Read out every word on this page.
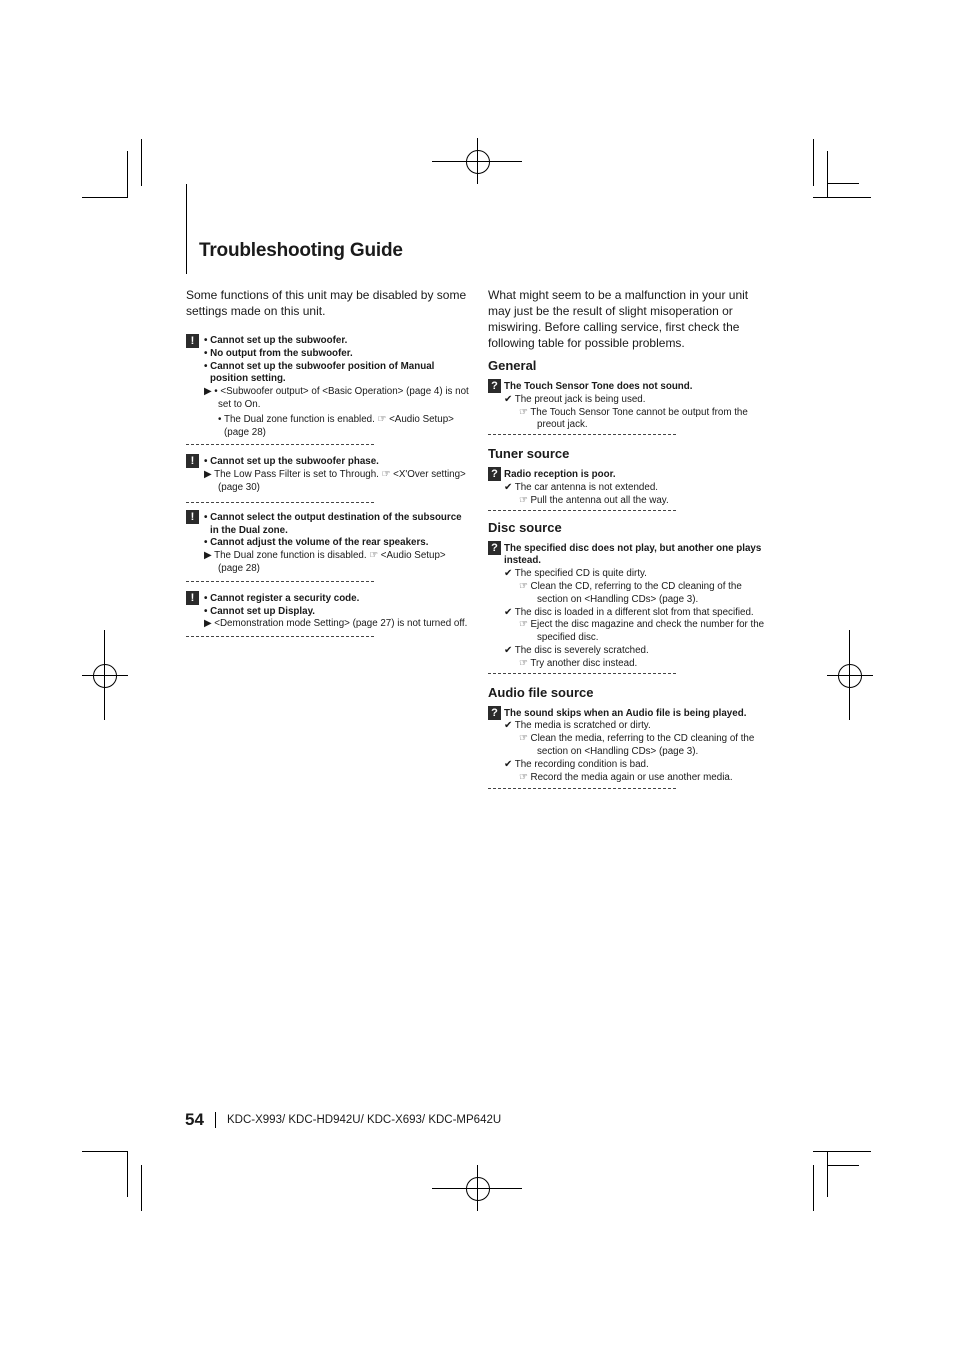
Troubleshooting Guide

Some functions of this unit may be disabled by some settings made on this unit.

! • Cannot set up the subwoofer.
• No output from the subwoofer.
• Cannot set up the subwoofer position of Manual position setting.
▶ • <Subwoofer output> of <Basic Operation> (page 4) is not set to On.
• The Dual zone function is enabled. ☞ <Audio Setup> (page 28)
! • Cannot set up the subwoofer phase.
▶ The Low Pass Filter is set to Through. ☞ <X'Over setting> (page 30)
! • Cannot select the output destination of the subsource in the Dual zone.
• Cannot adjust the volume of the rear speakers.
▶ The Dual zone function is disabled. ☞ <Audio Setup> (page 28)
! • Cannot register a security code.
• Cannot set up Display.
▶ <Demonstration mode Setting> (page 27) is not turned off.

What might seem to be a malfunction in your unit may just be the result of slight misoperation or miswiring. Before calling service, first check the following table for possible problems.

General
? The Touch Sensor Tone does not sound.
✔ The preout jack is being used.
☞ The Touch Sensor Tone cannot be output from the preout jack.
Tuner source
? Radio reception is poor.
✔ The car antenna is not extended.
☞ Pull the antenna out all the way.
Disc source
? The specified disc does not play, but another one plays instead.
✔ The specified CD is quite dirty.
☞ Clean the CD, referring to the CD cleaning of the section on <Handling CDs> (page 3).
✔ The disc is loaded in a different slot from that specified.
☞ Eject the disc magazine and check the number for the specified disc.
✔ The disc is severely scratched.
☞ Try another disc instead.
Audio file source
? The sound skips when an Audio file is being played.
✔ The media is scratched or dirty.
☞ Clean the media, referring to the CD cleaning of the section on <Handling CDs> (page 3).
✔ The recording condition is bad.
☞ Record the media again or use another media.
54 KDC-X993/ KDC-HD942U/ KDC-X693/ KDC-MP642U
